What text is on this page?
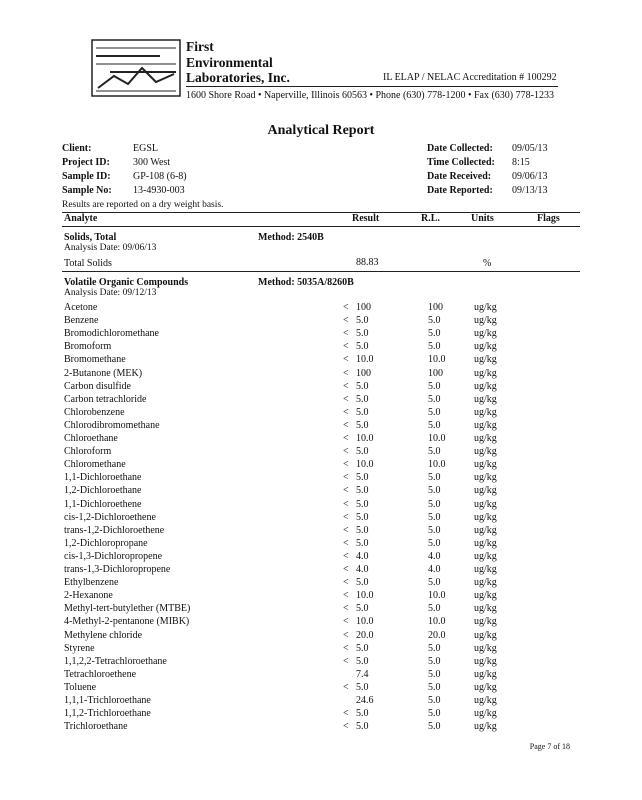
First
Environmental
Laboratories, Inc.	IL ELAP / NELAC Accreditation # 100292
1600 Shore Road • Naperville, Illinois 60563 • Phone (630) 778-1200 • Fax (630) 778-1233
Analytical Report
Client:	EGSL
Project ID: 300 West
Sample ID: GP-108 (6-8)
Sample No: 13-4930-003
Date Collected: 09/05/13
Time Collected: 8:15
Date Received: 09/06/13
Date Reported: 09/13/13
Results are reported on a dry weight basis.
Analyte	Result	R.L.	Units	Flags
Solids, Total	Method: 2540B
Analysis Date: 09/06/13
Total Solids	88.83	%
Volatile Organic Compounds	Method: 5035A/8260B
Analysis Date: 09/12/13
Acetone	< 100	100	ug/kg
Benzene	< 5.0	5.0	ug/kg
Bromodichloromethane	< 5.0	5.0	ug/kg
Bromoform	< 5.0	5.0	ug/kg
Bromomethane	< 10.0	10.0	ug/kg
2-Butanone (MEK)	< 100	100	ug/kg
Carbon disulfide	< 5.0	5.0	ug/kg
Carbon tetrachloride	< 5.0	5.0	ug/kg
Chlorobenzene	< 5.0	5.0	ug/kg
Chlorodibromomethane	< 5.0	5.0	ug/kg
Chloroethane	< 10.0	10.0	ug/kg
Chloroform	< 5.0	5.0	ug/kg
Chloromethane	< 10.0	10.0	ug/kg
1,1-Dichloroethane	< 5.0	5.0	ug/kg
1,2-Dichloroethane	< 5.0	5.0	ug/kg
1,1-Dichloroethene	< 5.0	5.0	ug/kg
cis-1,2-Dichloroethene	< 5.0	5.0	ug/kg
trans-1,2-Dichloroethene	< 5.0	5.0	ug/kg
1,2-Dichloropropane	< 5.0	5.0	ug/kg
cis-1,3-Dichloropropene	< 4.0	4.0	ug/kg
trans-1,3-Dichloropropene	< 4.0	4.0	ug/kg
Ethylbenzene	< 5.0	5.0	ug/kg
2-Hexanone	< 10.0	10.0	ug/kg
Methyl-tert-butylether (MTBE)	< 5.0	5.0	ug/kg
4-Methyl-2-pentanone (MIBK)	< 10.0	10.0	ug/kg
Methylene chloride	< 20.0	20.0	ug/kg
Styrene	< 5.0	5.0	ug/kg
1,1,2,2-Tetrachloroethane	< 5.0	5.0	ug/kg
Tetrachloroethene	7.4	5.0	ug/kg
Toluene	< 5.0	5.0	ug/kg
1,1,1-Trichloroethane	24.6	5.0	ug/kg
1,1,2-Trichloroethane	< 5.0	5.0	ug/kg
Trichloroethane	< 5.0	5.0	ug/kg
Page 7 of 18
